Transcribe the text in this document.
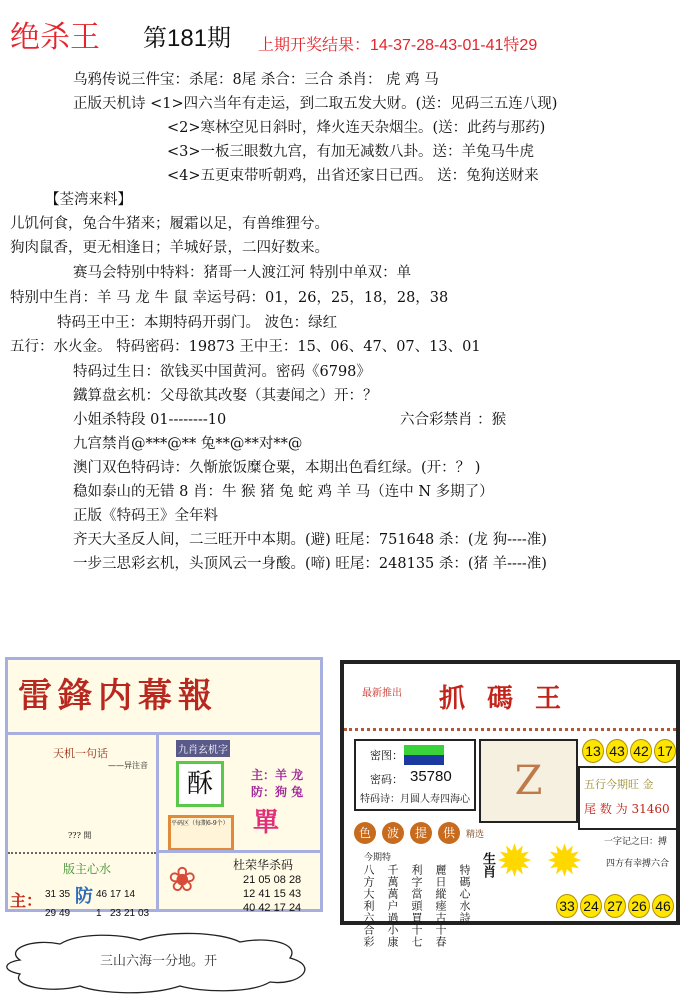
绝杀王 第181期 上期开奖结果：14-37-28-43-01-41特29
乌鸦传说三件宝：杀尾：8尾 杀合：三合 杀肖： 虎 鸡 马
正版天机诗 <1>四六当年有走运，到二取五发大财。(送：见码三五连八现)
<2>寒林空见日斜时，烽火连天杂烟尘。(送：此药与那药)
<3>一板三眼数九宫，有加无减数八卦。送：羊兔马牛虎
<4>五更束带听朝鸡，出省还家日已西。 送：兔狗送财来
【荃湾来料】
儿饥何食，兔合牛猪来；履霜以足，有兽维狸兮。
狗肉鼠香，更无相逢日；羊城好景，二四好数来。
赛马会特别中特料：猪哥一人渡江河 特别中单双：单
特别中生肖：羊 马 龙 牛 鼠 幸运号码：01，26，25，18，28，38
特码王中王：本期特码开弱门。 波色：绿红
五行：水火金。 特码密码：19873 王中王：15、06、47、07、13、01
特码过生日：欲钱买中国黄河。密码《6798》
鐵算盘玄机：父母欲其改娶（其妻闻之）开：？
小姐杀特段 01--------10	六合彩禁肖 ：猴
九宫禁肖@***@** 兔**@**对**@
澳门双色特码诗：久惭旅饭糜仓粟，本期出色看红绿。(开：？ )
稳如泰山的无错 8 肖：牛 猴 猪 兔 蛇 鸡 羊 马（连中 N 多期了）
正版《特码王》全年料
齐天大圣反人间，二三旺开中本期。(避) 旺尾：751648 杀：(龙 狗----准)
一步三思彩玄机，头顶风云一身酸。(啼) 旺尾：248135 杀：(猪 羊----准)
雷鋒内幕報
天机一句话
——异注音
??? 開
九肖玄机字
酥	主：羊 龙
防：狗 兔
平码区（每期6-9个） 單
版主心水
主： 31 35
29 49
防 46 17 14
1 23 21 03
❀	杜荣华杀码
21 05 08 28
12 41 15 43
40 42 17 24
最新推出 抓碼王
密图：
密码： 35780
特码诗：月圆人寿四海心	Z
13 43 42 17
五行今期旺 金
尾 数 为 31460
色 波 提 供 精选
今期特	生肖
八方大利六合彩 千萬萬户過小康 利字當頭買十七 麗日縱瘗古十春 特碼心水詩
✹ ✹ 一字记之曰：搏
四方有幸搏六合
33 24 27 26 46
三山六海一分地。开
